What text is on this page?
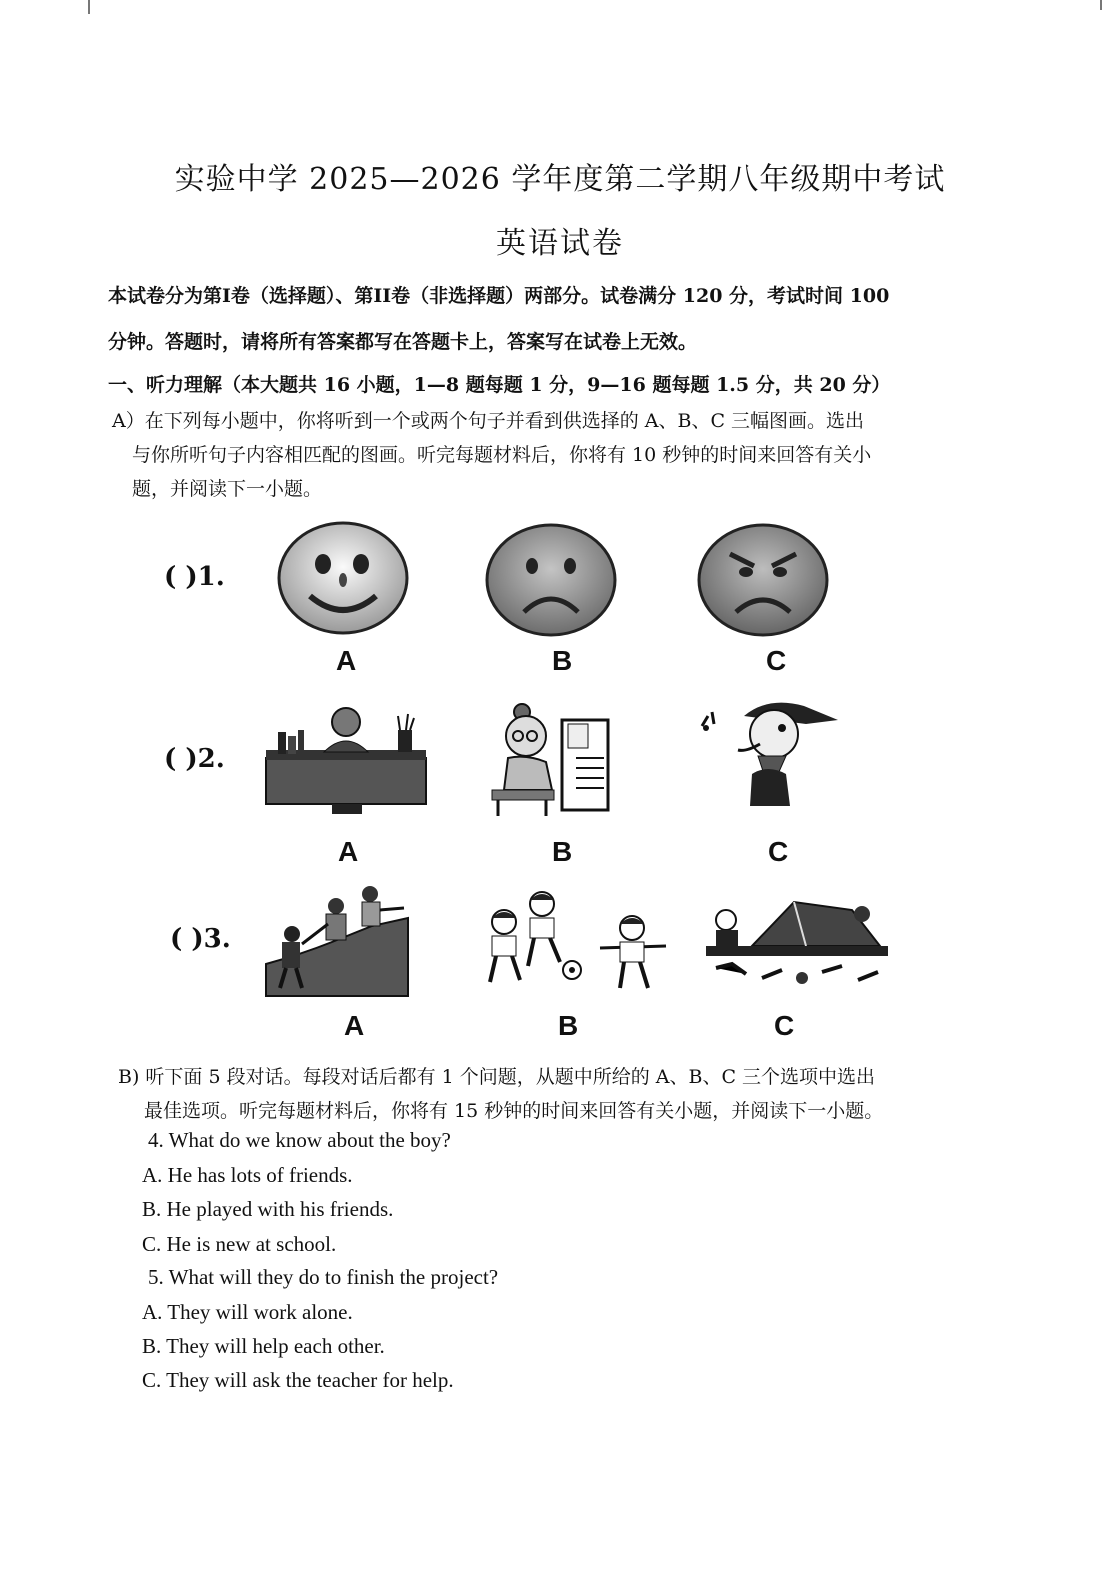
实验中学 2025—2026 学年度第二学期八年级期中考试
英语试卷
本试卷分为第I卷（选择题）、第II卷（非选择题）两部分。试卷满分 120 分，考试时间 100
分钟。答题时，请将所有答案都写在答题卡上，答案写在试卷上无效。
一、听力理解（本大题共 16 小题，1—8 题每题 1 分，9—16 题每题 1.5 分，共 20 分）
A）在下列每小题中，你将听到一个或两个句子并看到供选择的 A、B、C 三幅图画。选出
与你所听句子内容相匹配的图画。听完每题材料后，你将有 10 秒钟的时间来回答有关小
题，并阅读下一小题。
( )1.
A	B	C
( )2.
A	B	C
( )3.
A	B	C
B) 听下面 5 段对话。每段对话后都有 1 个问题，从题中所给的 A、B、C 三个选项中选出
最佳选项。听完每题材料后，你将有 15 秒钟的时间来回答有关小题，并阅读下一小题。
4. What do we know about the boy?
A. He has lots of friends.
B. He played with his friends.
C. He is new at school.
5. What will they do to finish the project?
A. They will work alone.
B. They will help each other.
C. They will ask the teacher for help.
